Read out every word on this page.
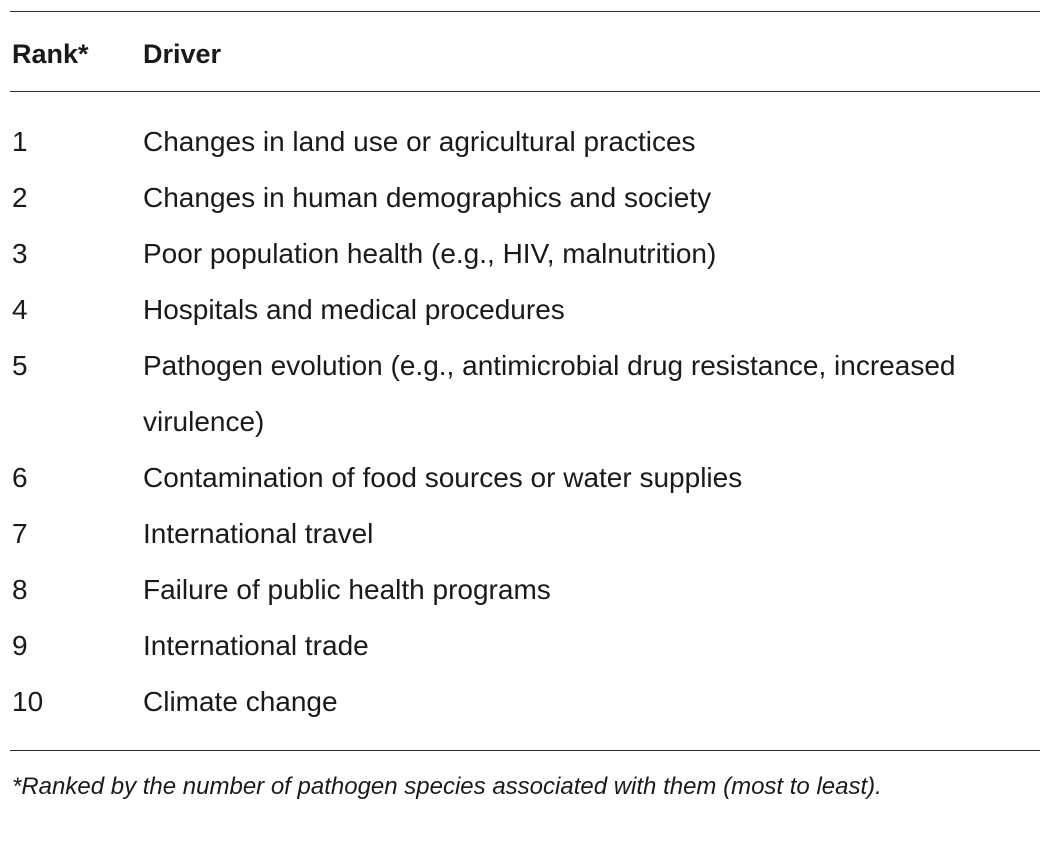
Rank* Driver
1	Changes in land use or agricultural practices
2	Changes in human demographics and society
3	Poor population health (e.g., HIV, malnutrition)
4	Hospitals and medical procedures
5	Pathogen evolution (e.g., antimicrobial drug resistance, increased virulence)
6	Contamination of food sources or water supplies
7	International travel
8	Failure of public health programs
9	International trade
10	Climate change
*Ranked by the number of pathogen species associated with them (most to least).
